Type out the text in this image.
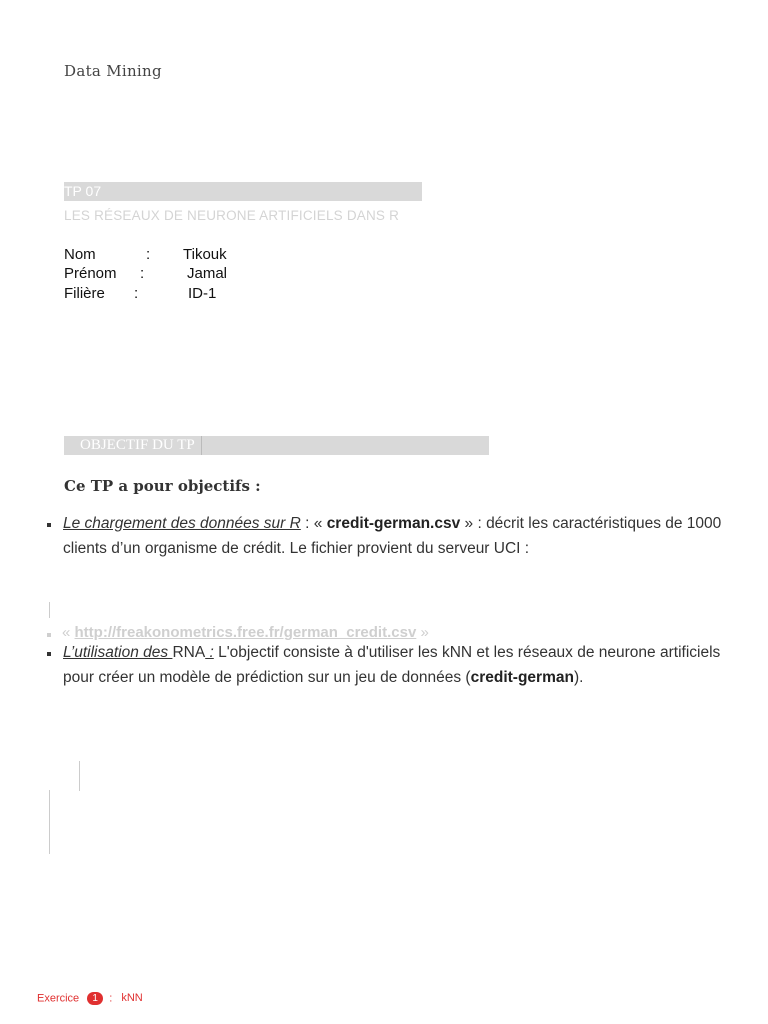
Data Mining
TP 07
LES RÉSEAUX DE NEURONE ARTIFICIELS DANS R
Nom	: Tikouk
Prénom :	Jamal
Filière :	ID-1
OBJECTIF DU TP
Ce TP a pour objectifs :
Le chargement des données sur R : « credit-german.csv » : décrit les caractéristiques de 1000 clients d’un organisme de crédit. Le fichier provient du serveur UCI :
« http://freakonometrics.free.fr/german_credit.csv »
L’utilisation des RNA : L'objectif consiste à d'utiliser les kNN et les réseaux de neurone artificiels pour créer un modèle de prédiction sur un jeu de données (credit-german).
Exercice 1 : kNN
